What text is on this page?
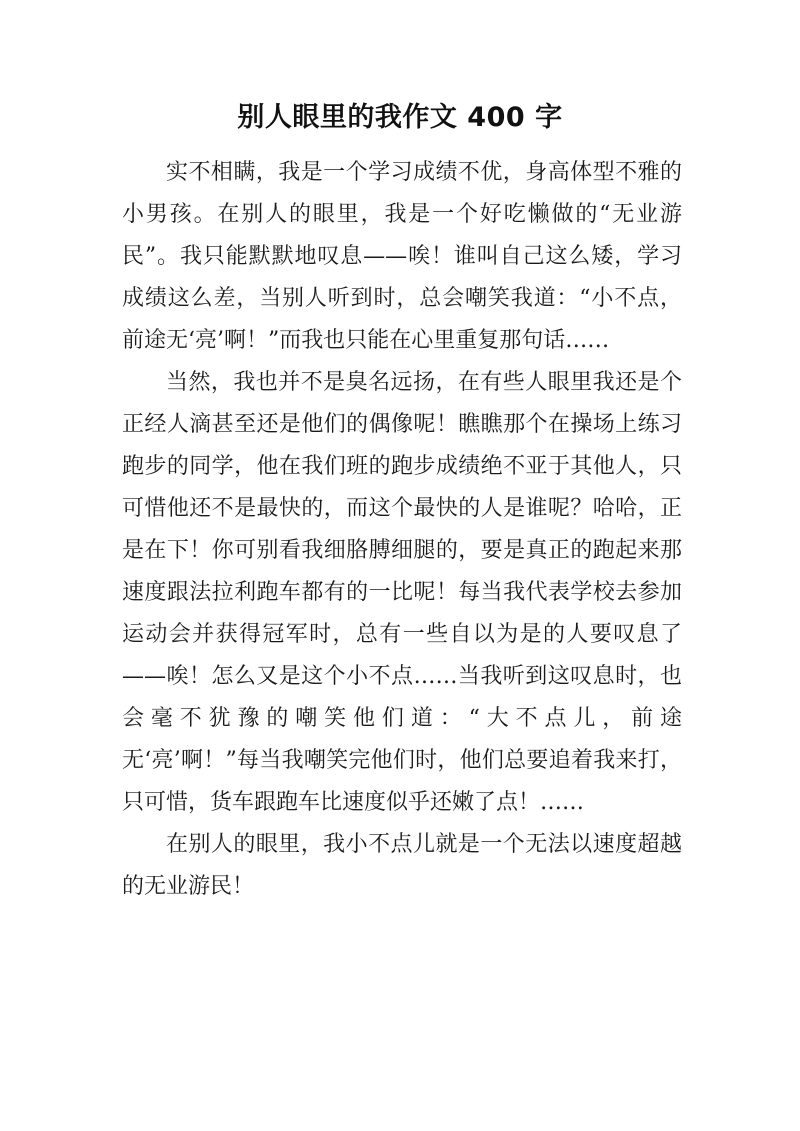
别人眼里的我作文 400 字

实不相瞒，我是一个学习成绩不优，身高体型不雅的小男孩。在别人的眼里，我是一个好吃懒做的“无业游民”。我只能默默地叹息——唉！谁叫自己这么矮，学习成绩这么差，当别人听到时，总会嘲笑我道：“小不点，前途无‘亮’啊！”而我也只能在心里重复那句话……

当然，我也并不是臭名远扬，在有些人眼里我还是个正经人滴甚至还是他们的偶像呢！瞧瞧那个在操场上练习跑步的同学，他在我们班的跑步成绩绝不亚于其他人，只可惜他还不是最快的，而这个最快的人是谁呢？哈哈，正是在下！你可别看我细胳膊细腿的，要是真正的跑起来那速度跟法拉利跑车都有的一比呢！每当我代表学校去参加运动会并获得冠军时，总有一些自以为是的人要叹息了——唉！怎么又是这个小不点……当我听到这叹息时，也会毫不犹豫的嘲笑他们道：“大不点儿，前途无‘亮’啊！”每当我嘲笑完他们时，他们总要追着我来打，只可惜，货车跟跑车比速度似乎还嫩了点！……

在别人的眼里，我小不点儿就是一个无法以速度超越的无业游民！
